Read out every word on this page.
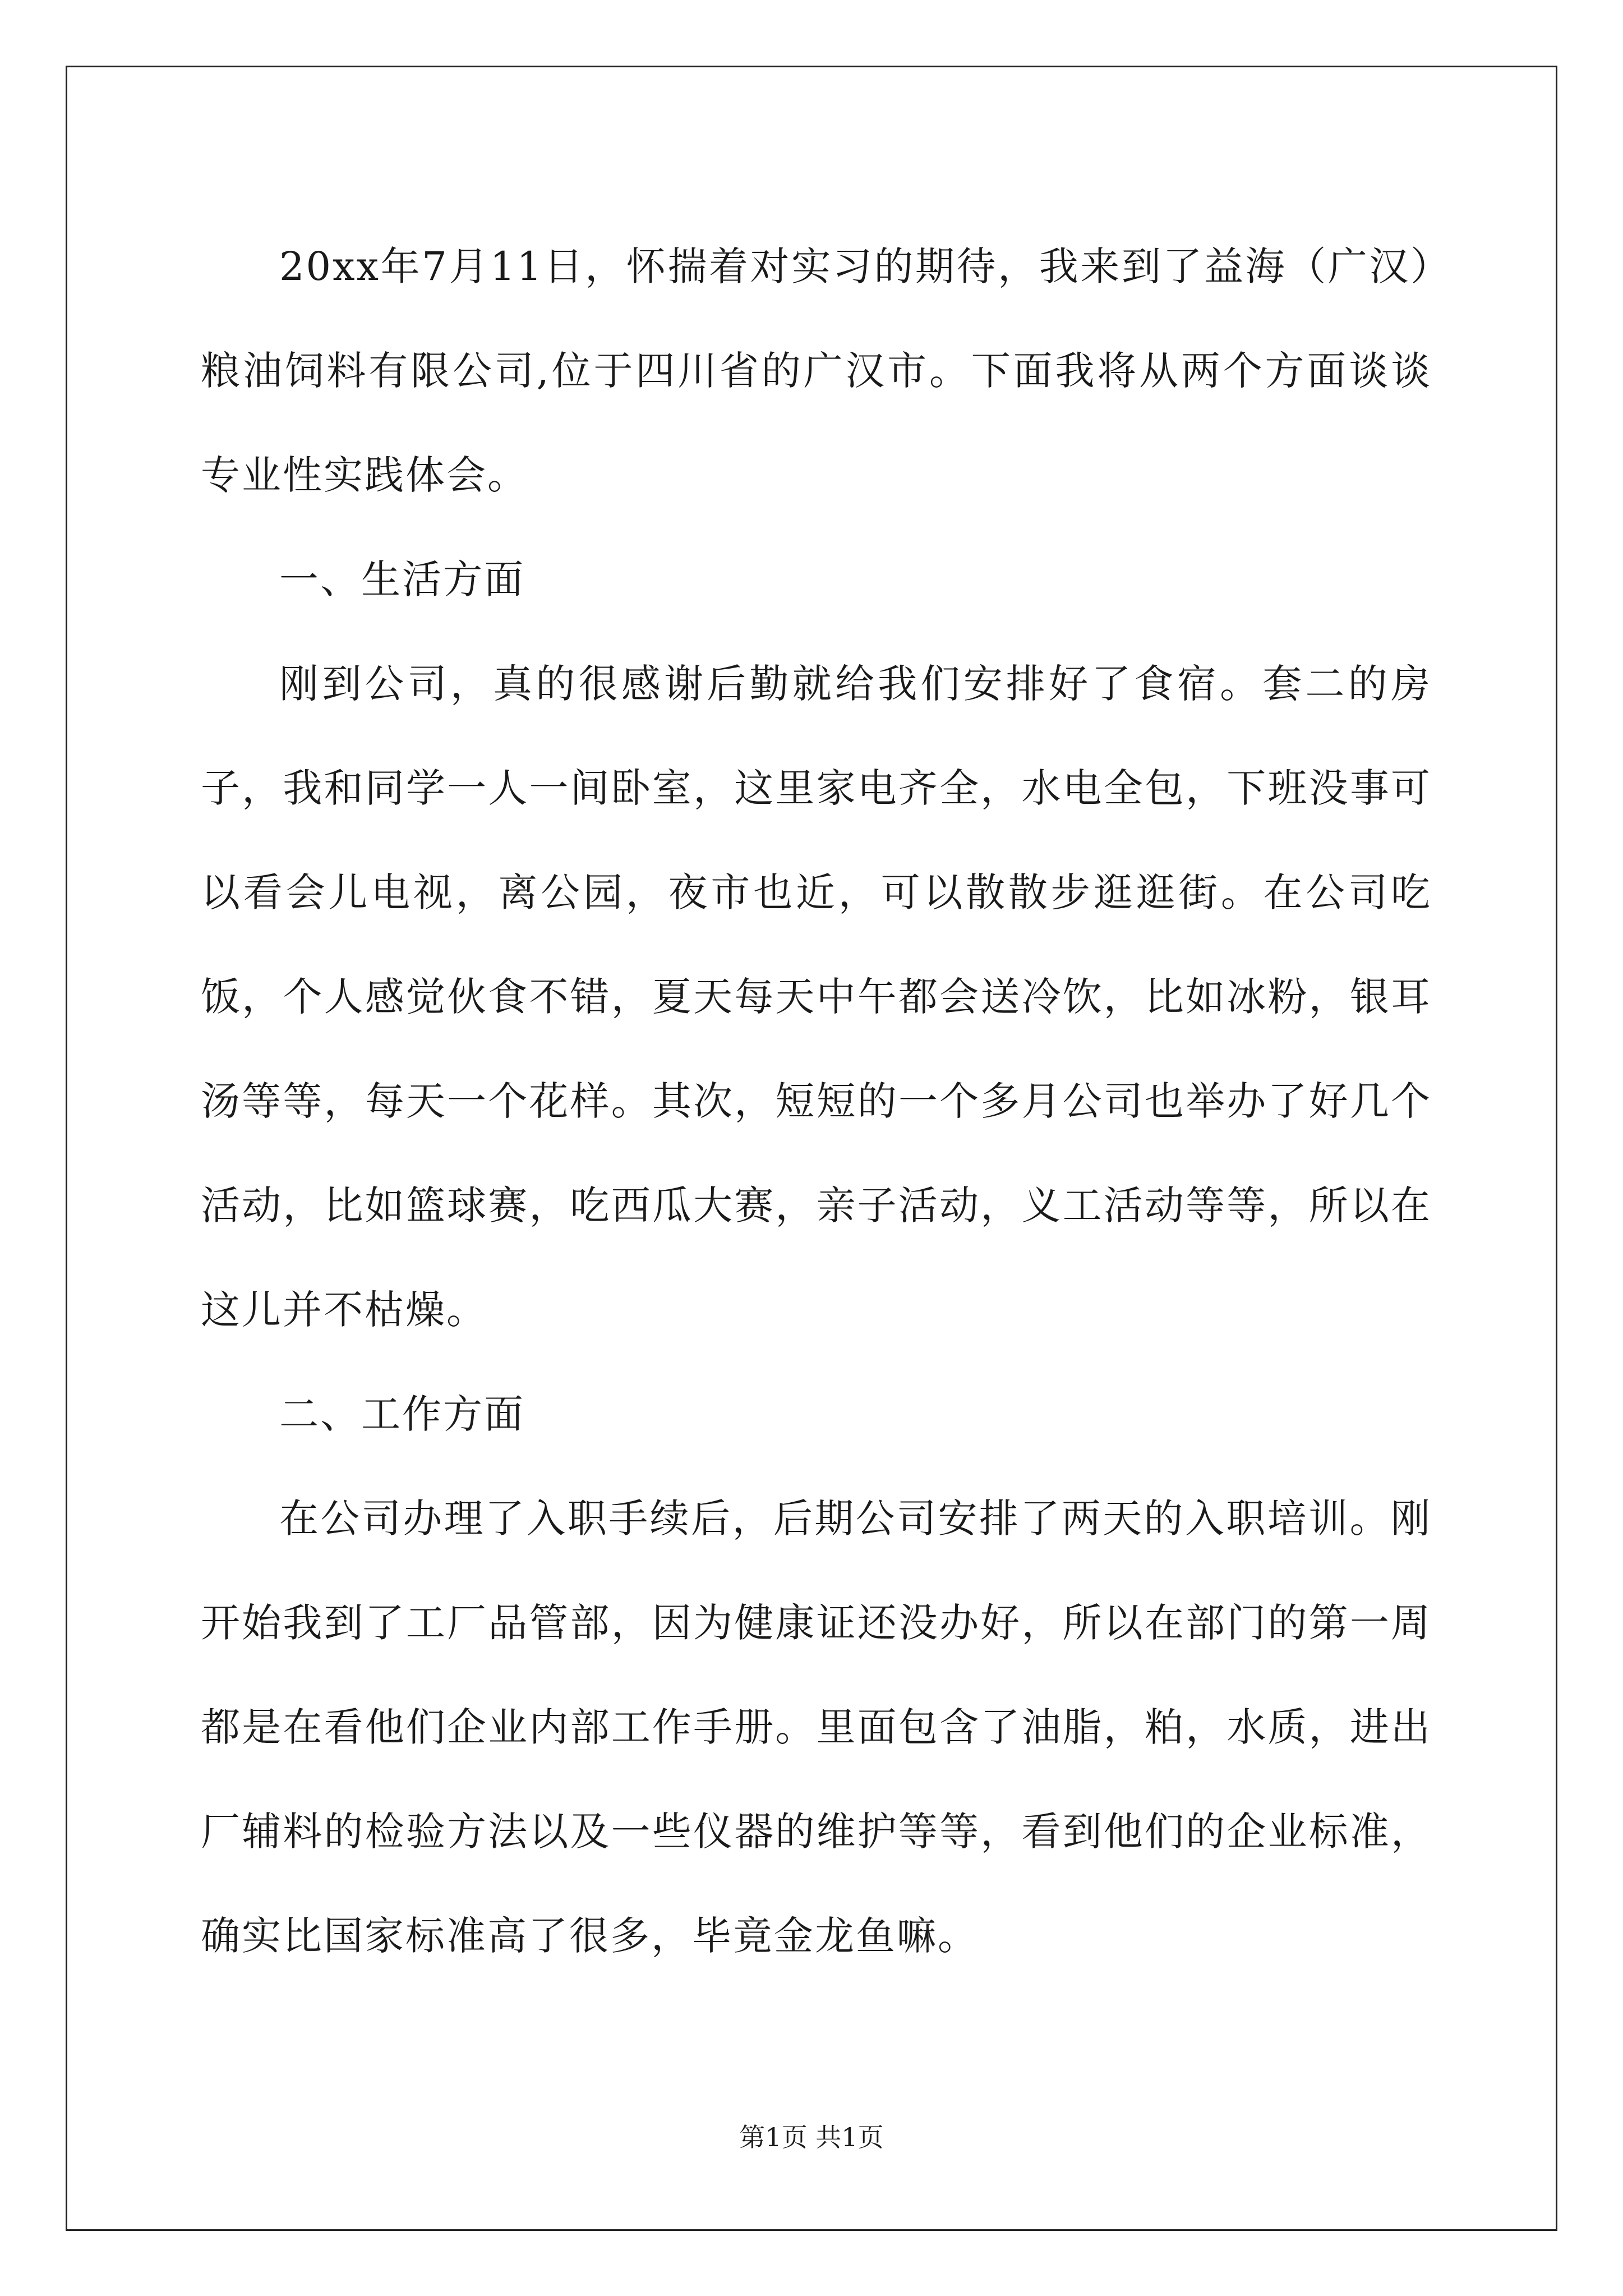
20xx年7月11日，怀揣着对实习的期待，我来到了益海（广汉）粮油饲料有限公司,位于四川省的广汉市。下面我将从两个方面谈谈专业性实践体会。

一、生活方面

刚到公司，真的很感谢后勤就给我们安排好了食宿。套二的房子，我和同学一人一间卧室，这里家电齐全，水电全包，下班没事可以看会儿电视，离公园，夜市也近，可以散散步逛逛街。在公司吃饭，个人感觉伙食不错，夏天每天中午都会送冷饮，比如冰粉，银耳汤等等，每天一个花样。其次，短短的一个多月公司也举办了好几个活动，比如篮球赛，吃西瓜大赛，亲子活动，义工活动等等，所以在这儿并不枯燥。

二、工作方面

在公司办理了入职手续后，后期公司安排了两天的入职培训。刚开始我到了工厂品管部，因为健康证还没办好，所以在部门的第一周都是在看他们企业内部工作手册。里面包含了油脂，粕，水质，进出厂辅料的检验方法以及一些仪器的维护等等，看到他们的企业标准，确实比国家标准高了很多，毕竟金龙鱼嘛。

第1页 共1页
